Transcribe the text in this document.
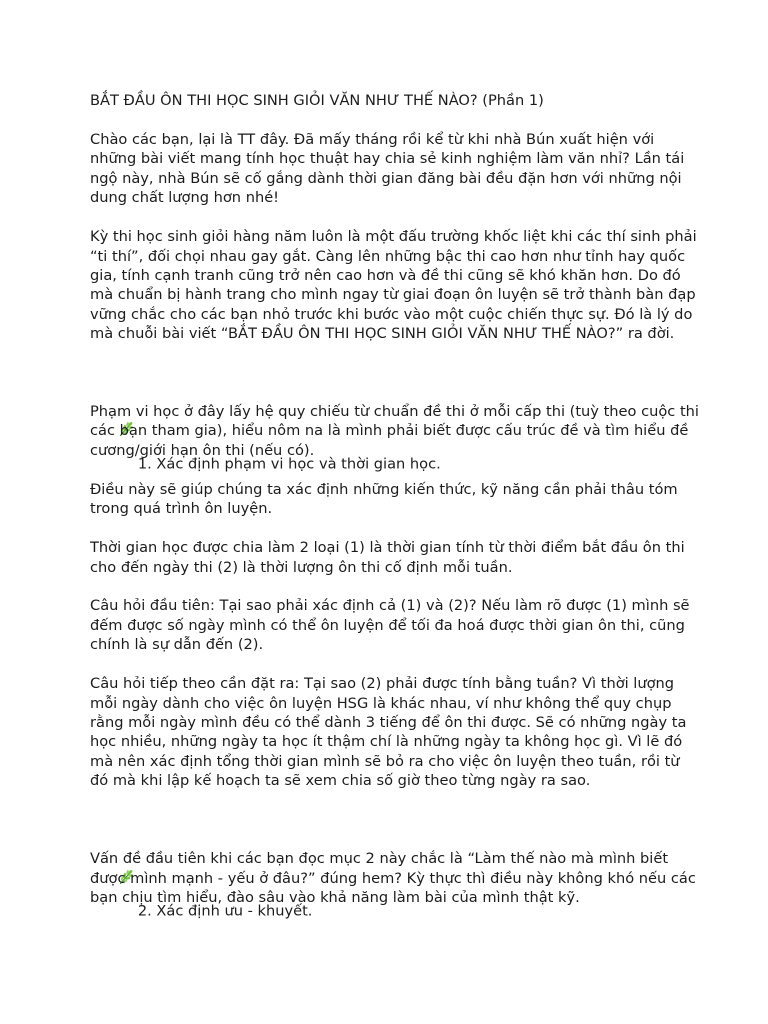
BẮT ĐẦU ÔN THI HỌC SINH GIỎI VĂN NHƯ THẾ NÀO? (Phần 1)
Chào các bạn, lại là TT đây. Đã mấy tháng rồi kể từ khi nhà Bún xuất hiện với
những bài viết mang tính học thuật hay chia sẻ kinh nghiệm làm văn nhỉ? Lần tái
ngộ này, nhà Bún sẽ cố gắng dành thời gian đăng bài đều đặn hơn với những nội
dung chất lượng hơn nhé!
Kỳ thi học sinh giỏi hàng năm luôn là một đấu trường khốc liệt khi các thí sinh phải
“ti thí”, đối chọi nhau gay gắt. Càng lên những bậc thi cao hơn như tỉnh hay quốc
gia, tính cạnh tranh cũng trở nên cao hơn và đề thi cũng sẽ khó khăn hơn. Do đó
mà chuẩn bị hành trang cho mình ngay từ giai đoạn ôn luyện sẽ trở thành bàn đạp
vững chắc cho các bạn nhỏ trước khi bước vào một cuộc chiến thực sự. Đó là lý do
mà chuỗi bài viết “BẮT ĐẦU ÔN THI HỌC SINH GIỎI VĂN NHƯ THẾ NÀO?” ra đời.

1. Xác định phạm vi học và thời gian học.

Phạm vi học ở đây lấy hệ quy chiếu từ chuẩn đề thi ở mỗi cấp thi (tuỳ theo cuộc thi
các bạn tham gia), hiểu nôm na là mình phải biết được cấu trúc đề và tìm hiểu đề
cương/giới hạn ôn thi (nếu có).
Điều này sẽ giúp chúng ta xác định những kiến thức, kỹ năng cần phải thâu tóm
trong quá trình ôn luyện.
Thời gian học được chia làm 2 loại (1) là thời gian tính từ thời điểm bắt đầu ôn thi
cho đến ngày thi (2) là thời lượng ôn thi cố định mỗi tuần.
Câu hỏi đầu tiên: Tại sao phải xác định cả (1) và (2)? Nếu làm rõ được (1) mình sẽ
đếm được số ngày mình có thể ôn luyện để tối đa hoá được thời gian ôn thi, cũng
chính là sự dẫn đến (2).
Câu hỏi tiếp theo cần đặt ra: Tại sao (2) phải được tính bằng tuần? Vì thời lượng
mỗi ngày dành cho việc ôn luyện HSG là khác nhau, ví như không thể quy chụp
rằng mỗi ngày mình đều có thể dành 3 tiếng để ôn thi được. Sẽ có những ngày ta
học nhiều, những ngày ta học ít thậm chí là những ngày ta không học gì. Vì lẽ đó
mà nên xác định tổng thời gian mình sẽ bỏ ra cho việc ôn luyện theo tuần, rồi từ
đó mà khi lập kế hoạch ta sẽ xem chia số giờ theo từng ngày ra sao.

2. Xác định ưu - khuyết.

Vấn đề đầu tiên khi các bạn đọc mục 2 này chắc là “Làm thế nào mà mình biết
được mình mạnh - yếu ở đâu?” đúng hem? Kỳ thực thì điều này không khó nếu các
bạn chịu tìm hiểu, đào sâu vào khả năng làm bài của mình thật kỹ.
